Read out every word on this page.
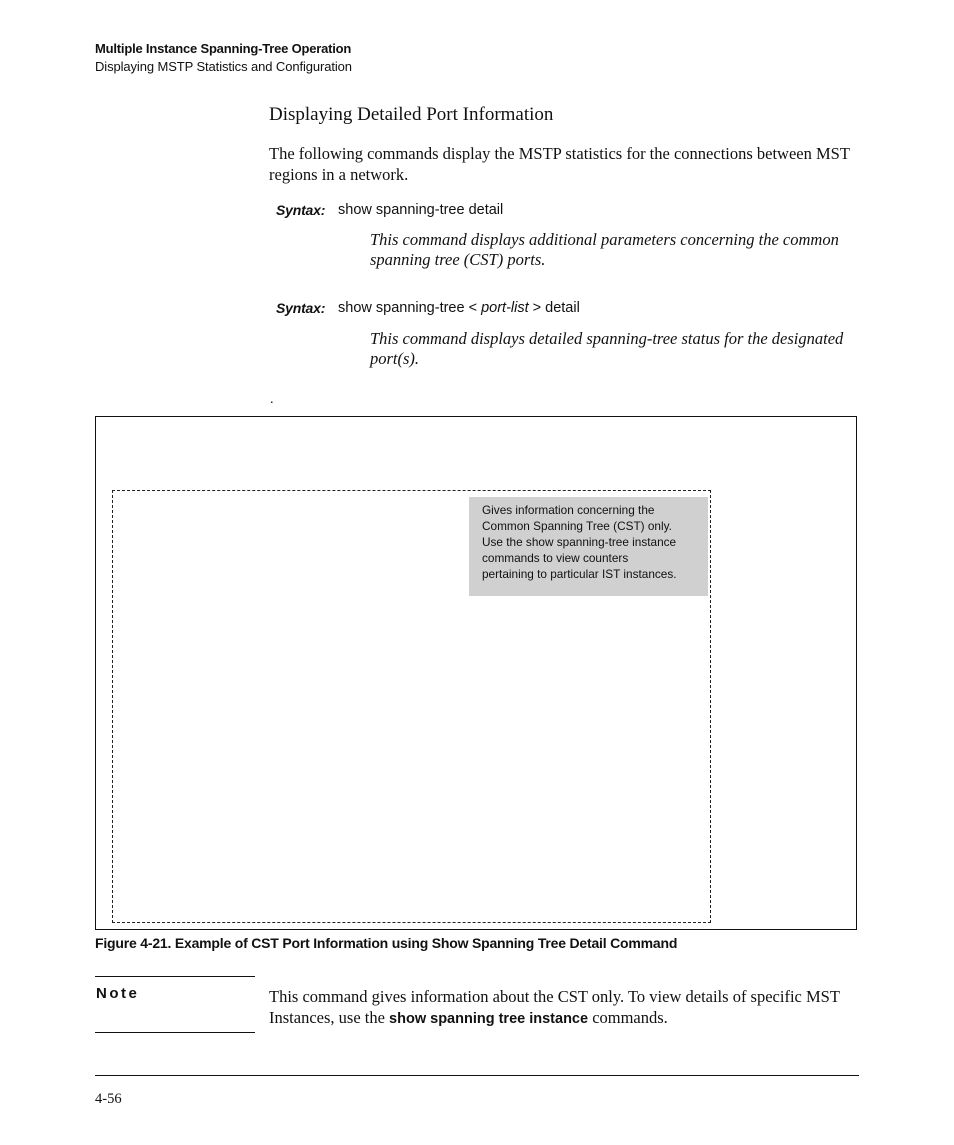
Multiple Instance Spanning-Tree Operation
Displaying MSTP Statistics and Configuration
Displaying Detailed Port Information
The following commands display the MSTP statistics for the connections between MST regions in a network.
Syntax: show spanning-tree detail
This command displays additional parameters concerning the common spanning tree (CST) ports.
Syntax: show spanning-tree < port-list > detail
This command displays detailed spanning-tree status for the designated port(s).
.
Gives information concerning the
Common Spanning Tree (CST) only.
Use the show spanning-tree instance
commands to view counters
pertaining to particular IST instances.
Figure 4-21. Example of CST Port Information using Show Spanning Tree Detail Command
Note	This command gives information about the CST only. To view details of specific MST Instances, use the show spanning tree instance commands.
4-56
